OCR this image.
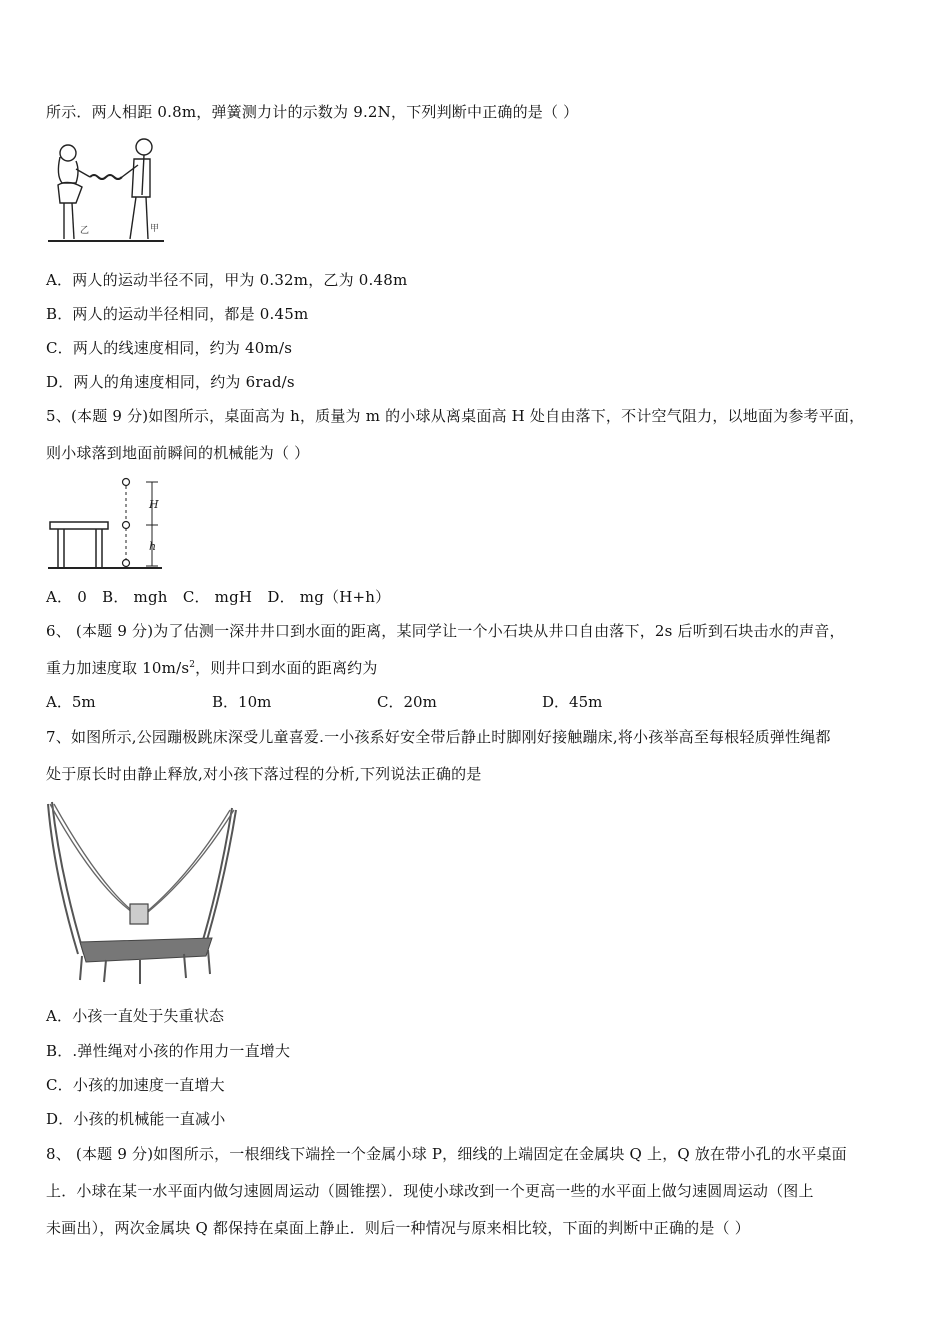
所示．两人相距 0.8m，弹簧测力计的示数为 9.2N，下列判断中正确的是（ ）
乙	甲
A．两人的运动半径不同，甲为 0.32m，乙为 0.48m
B．两人的运动半径相同，都是 0.45m
C．两人的线速度相同，约为 40m/s
D．两人的角速度相同，约为 6rad/s
5、(本题 9 分)如图所示，桌面高为 h，质量为 m 的小球从离桌面高 H 处自由落下，不计空气阻力，以地面为参考平面，
则小球落到地面前瞬间的机械能为（ ）
H
h
A． 0　B． mgh　C． mgH　D． mg（H+h）
6、 (本题 9 分)为了估测一深井井口到水面的距离，某同学让一个小石块从井口自由落下，2s 后听到石块击水的声音，
重力加速度取 $10m/s^2$，则井口到水面的距离约为
A．5m	B．10m	C．20m	D．45m
7、如图所示,公园蹦极跳床深受儿童喜爱.一小孩系好安全带后静止时脚刚好接触蹦床,将小孩举高至每根轻质弹性绳都
处于原长时由静止释放,对小孩下落过程的分析,下列说法正确的是
A．小孩一直处于失重状态
B．.弹性绳对小孩的作用力一直增大
C．小孩的加速度一直增大
D．小孩的机械能一直减小
8、 (本题 9 分)如图所示，一根细线下端拴一个金属小球 P，细线的上端固定在金属块 Q 上，Q 放在带小孔的水平桌面
上．小球在某一水平面内做匀速圆周运动（圆锥摆）．现使小球改到一个更高一些的水平面上做匀速圆周运动（图上
未画出），两次金属块 Q 都保持在桌面上静止．则后一种情况与原来相比较，下面的判断中正确的是（ ）
